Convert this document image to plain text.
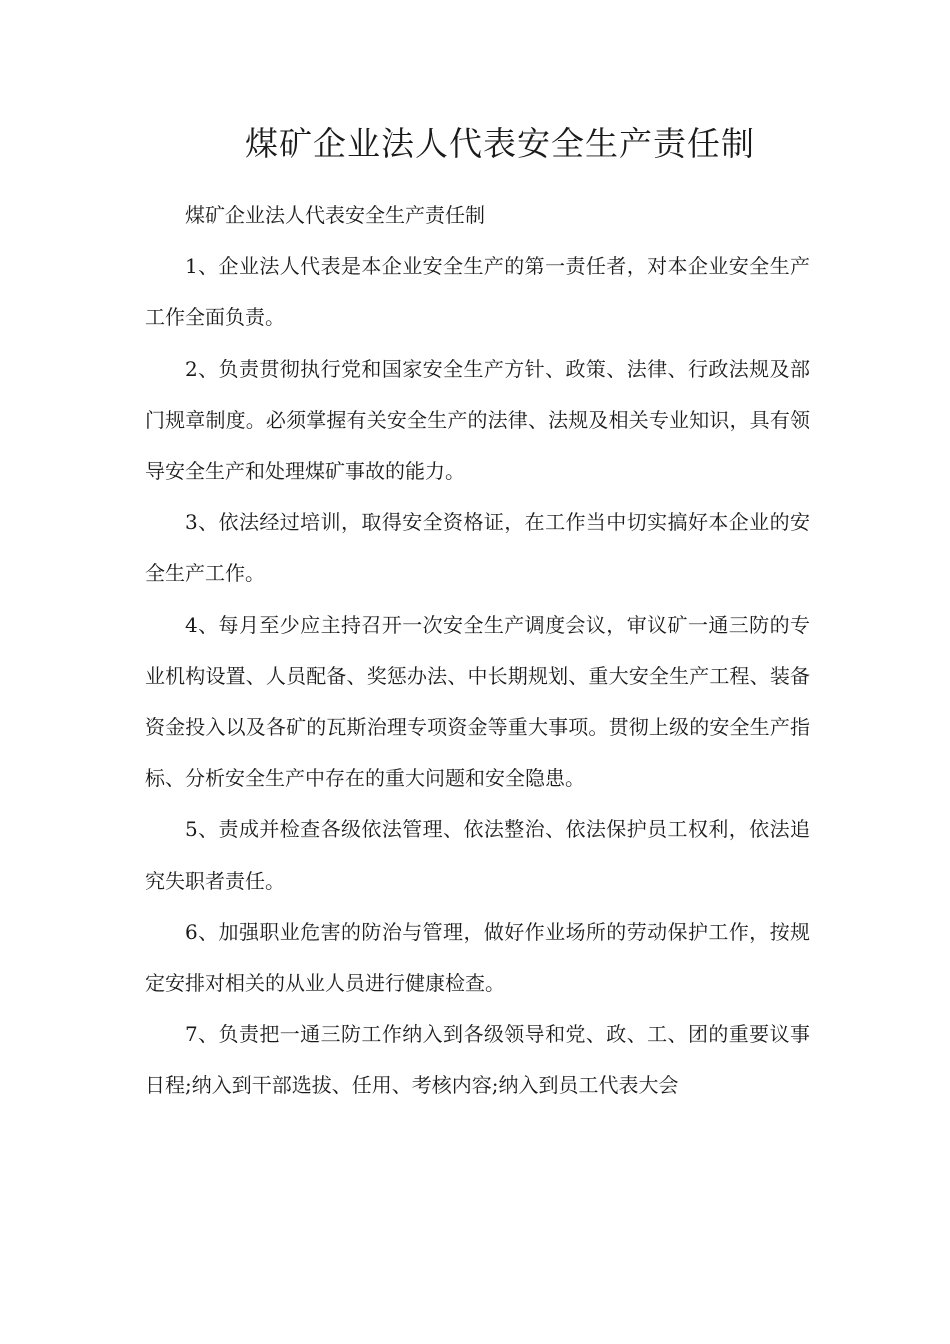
煤矿企业法人代表安全生产责任制

煤矿企业法人代表安全生产责任制

1、企业法人代表是本企业安全生产的第一责任者，对本企业安全生产工作全面负责。

2、负责贯彻执行党和国家安全生产方针、政策、法律、行政法规及部门规章制度。必须掌握有关安全生产的法律、法规及相关专业知识，具有领导安全生产和处理煤矿事故的能力。

3、依法经过培训，取得安全资格证，在工作当中切实搞好本企业的安全生产工作。

4、每月至少应主持召开一次安全生产调度会议，审议矿一通三防的专业机构设置、人员配备、奖惩办法、中长期规划、重大安全生产工程、装备资金投入以及各矿的瓦斯治理专项资金等重大事项。贯彻上级的安全生产指标、分析安全生产中存在的重大问题和安全隐患。

5、责成并检查各级依法管理、依法整治、依法保护员工权利，依法追究失职者责任。

6、加强职业危害的防治与管理，做好作业场所的劳动保护工作，按规定安排对相关的从业人员进行健康检查。

7、负责把一通三防工作纳入到各级领导和党、政、工、团的重要议事日程;纳入到干部选拔、任用、考核内容;纳入到员工代表大会
